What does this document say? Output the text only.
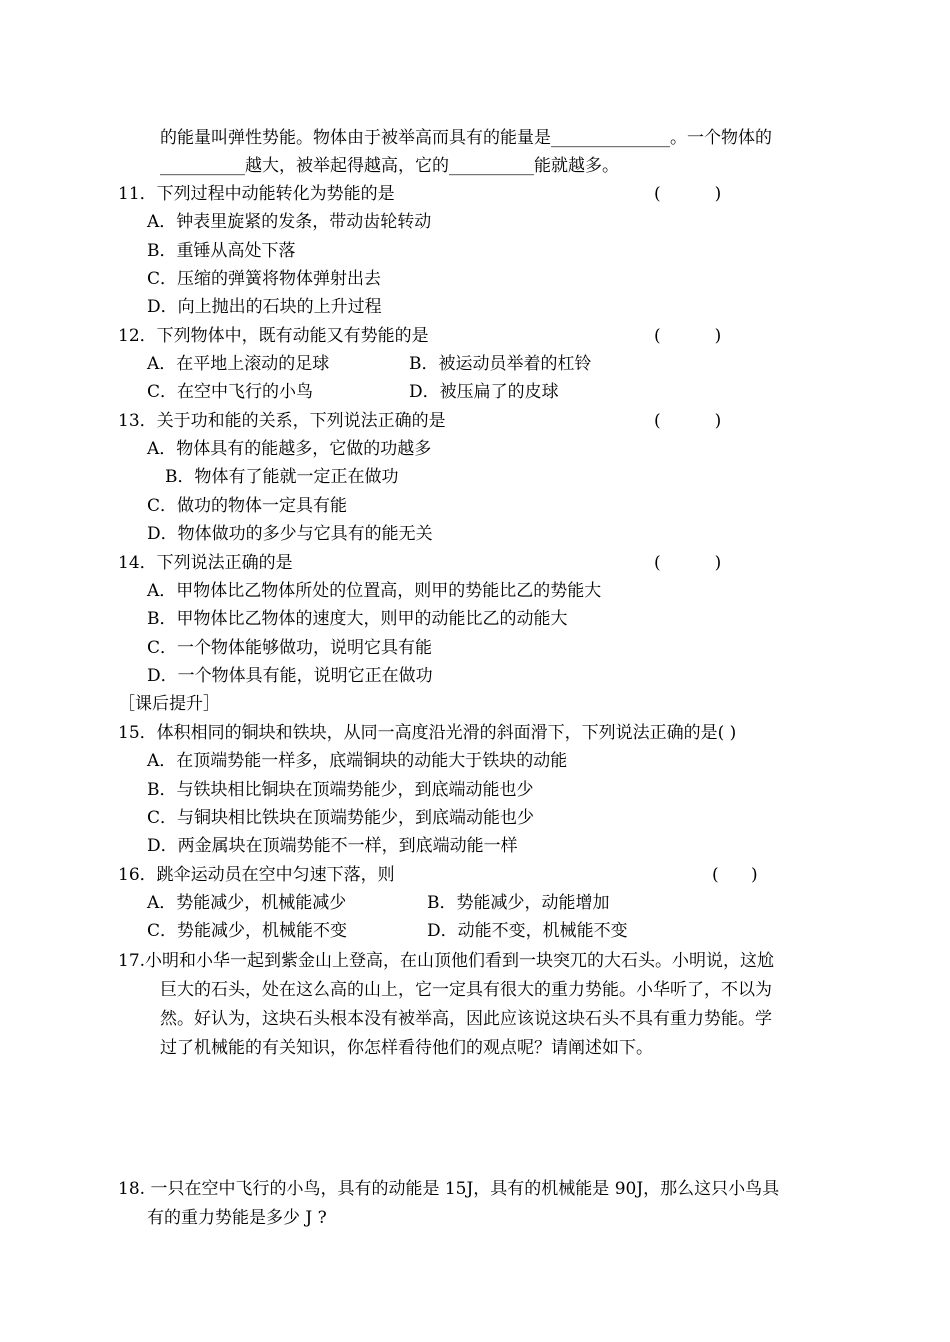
的能量叫弹性势能。物体由于被举高而具有的能量是______________。一个物体的
__________越大，被举起得越高，它的__________能就越多。
11．下列过程中动能转化为势能的是	(          )
A．钟表里旋紧的发条，带动齿轮转动
B．重锤从高处下落
C．压缩的弹簧将物体弹射出去
D．向上抛出的石块的上升过程
12．下列物体中，既有动能又有势能的是	(          )
A．在平地上滚动的足球	B．被运动员举着的杠铃
C．在空中飞行的小鸟	D．被压扁了的皮球
13．关于功和能的关系，下列说法正确的是	(          )
A．物体具有的能越多，它做的功越多
B．物体有了能就一定正在做功
C．做功的物体一定具有能
D．物体做功的多少与它具有的能无关
14．下列说法正确的是	(          )
A．甲物体比乙物体所处的位置高，则甲的势能比乙的势能大
B．甲物体比乙物体的速度大，则甲的动能比乙的动能大
C．一个物体能够做功，说明它具有能
D．一个物体具有能，说明它正在做功
［课后提升］
15．体积相同的铜块和铁块，从同一高度沿光滑的斜面滑下，下列说法正确的是( )
A．在顶端势能一样多，底端铜块的动能大于铁块的动能
B．与铁块相比铜块在顶端势能少，到底端动能也少
C．与铜块相比铁块在顶端势能少，到底端动能也少
D．两金属块在顶端势能不一样，到底端动能一样
16．跳伞运动员在空中匀速下落，则	(      )
A．势能减少，机械能减少	B．势能减少，动能增加
C．势能减少，机械能不变	D．动能不变，机械能不变
17.小明和小华一起到紫金山上登高，在山顶他们看到一块突兀的大石头。小明说，这尬
巨大的石头，处在这么高的山上，它一定具有很大的重力势能。小华听了，不以为
然。好认为，这块石头根本没有被举高，因此应该说这块石头不具有重力势能。学
过了机械能的有关知识，你怎样看待他们的观点呢？请阐述如下。
18. 一只在空中飞行的小鸟，具有的动能是 15J，具有的机械能是 90J，那么这只小鸟具
有的重力势能是多少 J ?
